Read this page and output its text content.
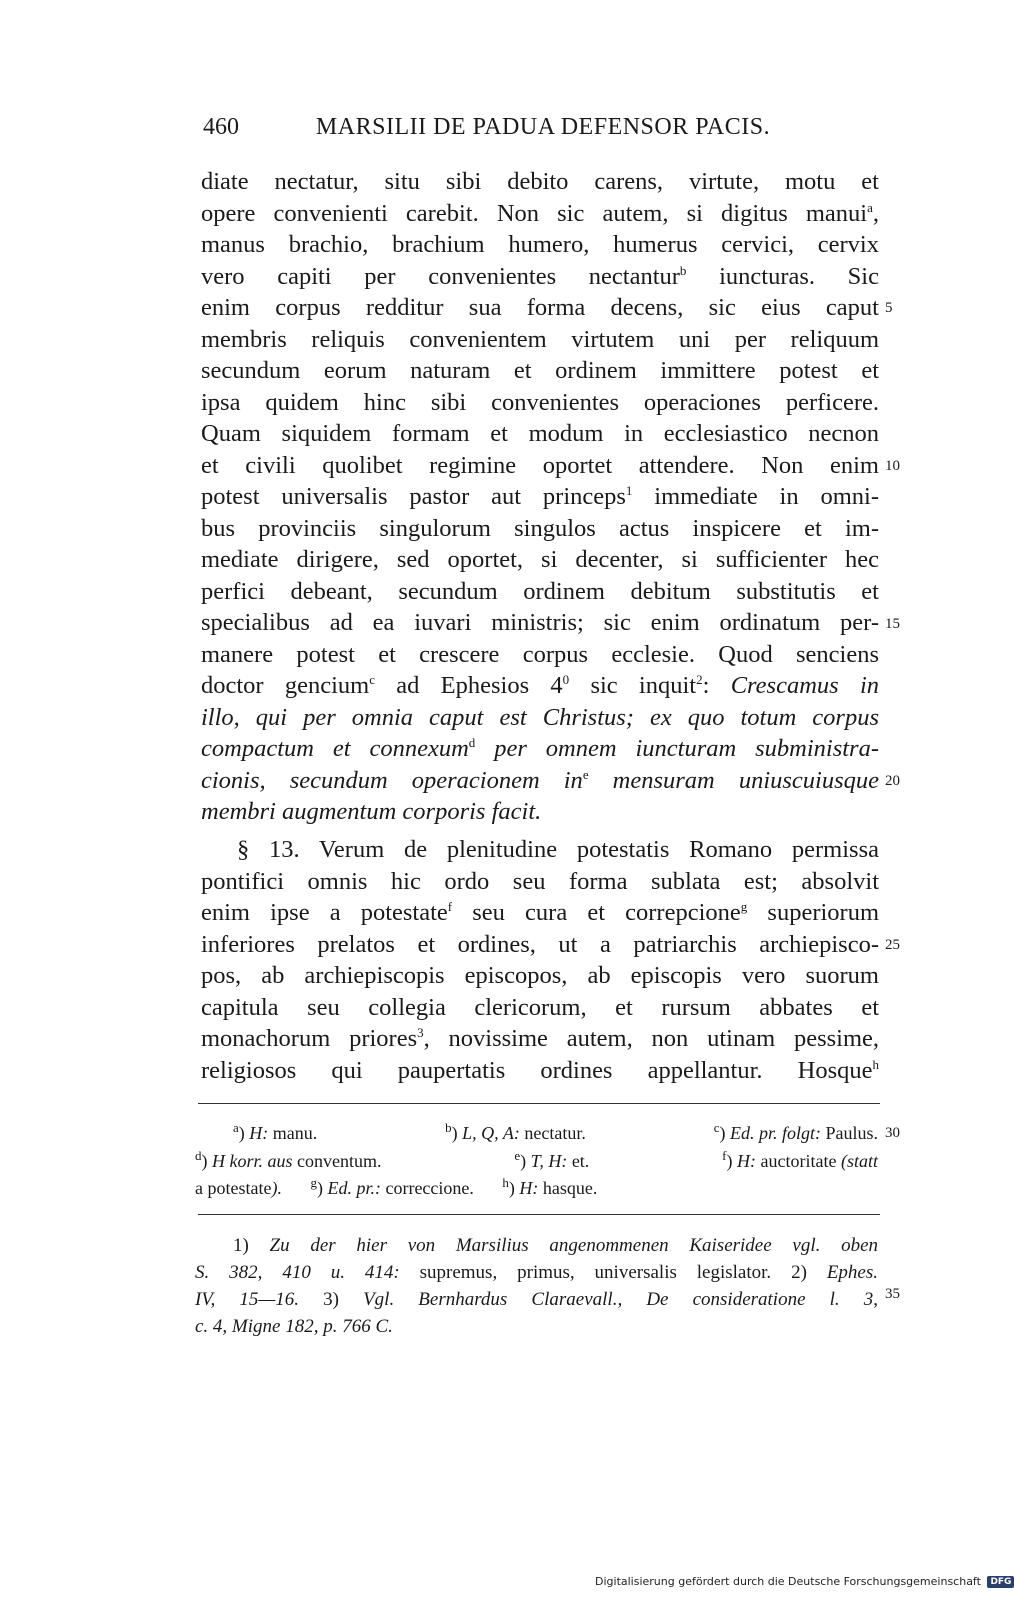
460	MARSILII DE PADUA DEFENSOR PACIS.
diate nectatur, situ sibi debito carens, virtute, motu et
opere convenienti carebit. Non sic autem, si digitus manui$^a$,
manus brachio, brachium humero, humerus cervici, cervix
vero capiti per convenientes nectantur$^b$ iuncturas. Sic
enim corpus redditur sua forma decens, sic eius caput
membris reliquis convenientem virtutem uni per reliquum
secundum eorum naturam et ordinem immittere potest et
ipsa quidem hinc sibi convenientes operaciones perficere.
Quam siquidem formam et modum in ecclesiastico necnon
et civili quolibet regimine oportet attendere. Non enim
potest universalis pastor aut princeps$^1$ immediate in omni-
bus provinciis singulorum singulos actus inspicere et im-
mediate dirigere, sed oportet, si decenter, si sufficienter hec
perfici debeant, secundum ordinem debitum substitutis et
specialibus ad ea iuvari ministris; sic enim ordinatum per-
manere potest et crescere corpus ecclesie. Quod senciens
doctor gencium$^c$ ad Ephesios $4^0$ sic inquit$^2$: Crescamus in
illo, qui per omnia caput est Christus; ex quo totum corpus
compactum et connexum$^d$ per omnem iuncturam subministra-
cionis, secundum operacionem $in^e$ mensuram uniuscuiusque
membri augmentum corporis facit.
§ 13. Verum de plenitudine potestatis Romano permissa
pontifici omnis hic ordo seu forma sublata est; absolvit
enim ipse a potestate$^f$ seu cura et correpcione$^g$ superiorum
inferiores prelatos et ordines, ut a patriarchis archiepisco-
pos, ab archiepiscopis episcopos, ab episcopis vero suorum
capitula seu collegia clericorum, et rursum abbates et
monachorum priores$^3$, novissime autem, non utinam pessime,
religiosos qui paupertatis ordines appellantur. Hosque$^h$
5
10
15
20
25
30
35
$^a$) H: manu.	$^b$) L, Q, A: nectatur.	$^c$) Ed. pr. folgt: Paulus.
$^d$) H korr. aus conventum.	$^e$) T, H: et.	$^f$) H: auctoritate (statt
a potestate). $^g$) Ed. pr.: correccione. $^h$) H: hasque.
1) Zu der hier von Marsilius angenommenen Kaiseridee vgl. oben
S. 382, 410 u. 414: supremus, primus, universalis legislator. 2) Ephes.
IV, 15—16. 3) Vgl. Bernhardus Claraevall., De consideratione l. 3,
c. 4, Migne 182, p. 766 C.
Digitalisierung gefördert durch die Deutsche Forschungsgemeinschaft DFG
